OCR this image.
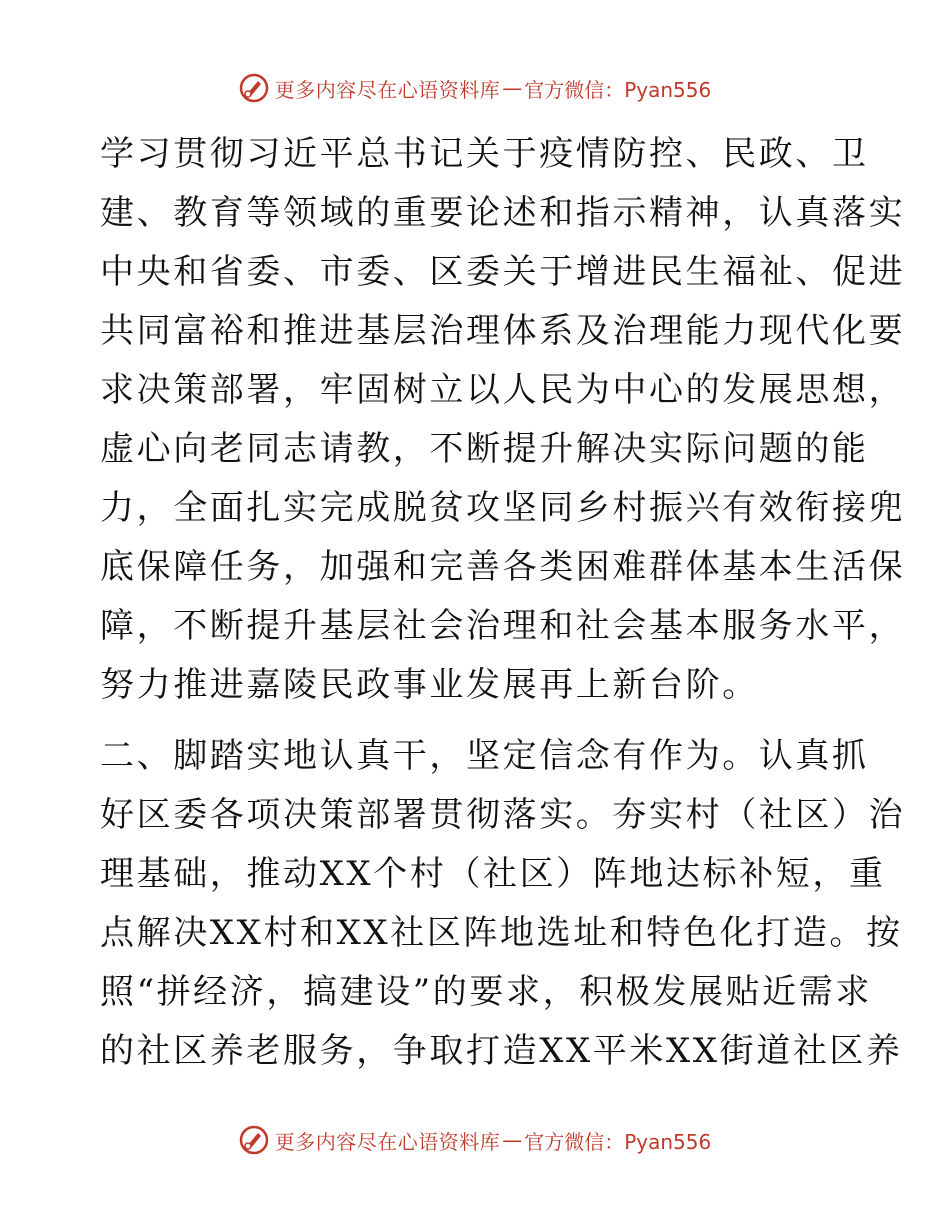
更多内容尽在心语资料库 — 官方微信：Pyan556

学习贯彻习近平总书记关于疫情防控、民政、卫
建、教育等领域的重要论述和指示精神，认真落实
中央和省委、市委、区委关于增进民生福祉、促进
共同富裕和推进基层治理体系及治理能力现代化要
求决策部署，牢固树立以人民为中心的发展思想，
虚心向老同志请教，不断提升解决实际问题的能
力，全面扎实完成脱贫攻坚同乡村振兴有效衔接兜
底保障任务，加强和完善各类困难群体基本生活保
障，不断提升基层社会治理和社会基本服务水平，
努力推进嘉陵民政事业发展再上新台阶。

二、脚踏实地认真干，坚定信念有作为。认真抓
好区委各项决策部署贯彻落实。夯实村（社区）治
理基础，推动XX个村（社区）阵地达标补短，重
点解决XX村和XX社区阵地选址和特色化打造。按
照“拼经济，搞建设”的要求，积极发展贴近需求
的社区养老服务，争取打造XX平米XX街道社区养

更多内容尽在心语资料库 — 官方微信：Pyan556
